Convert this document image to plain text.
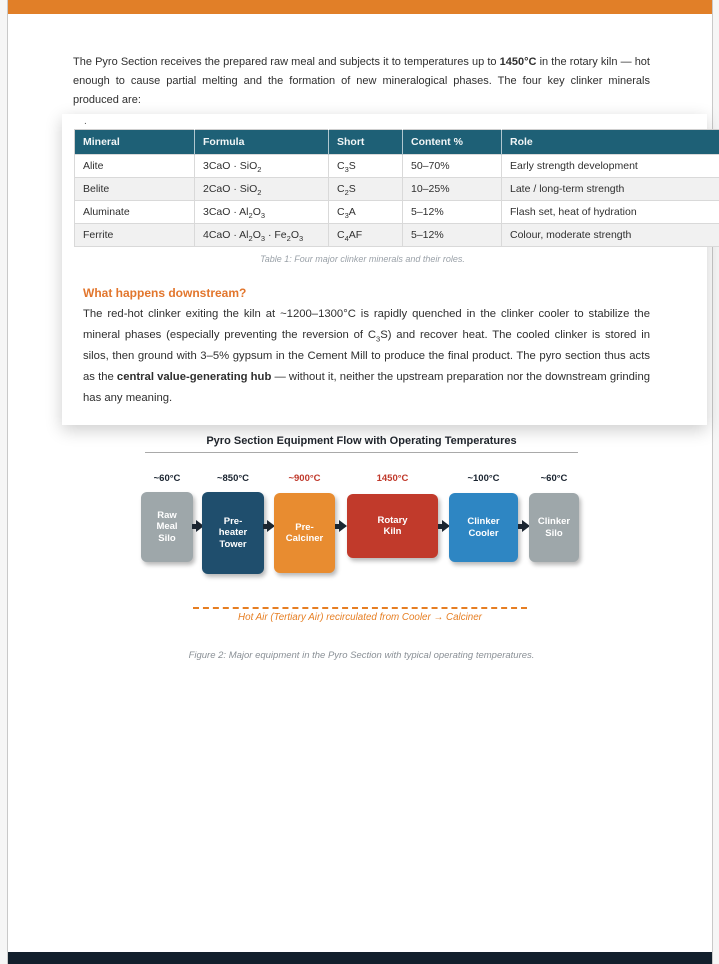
The Pyro Section receives the prepared raw meal and subjects it to temperatures up to 1450°C in the rotary kiln — hot enough to cause partial melting and the formation of new mineralogical phases. The four key clinker minerals produced are:

.
Mineral	Formula	Short	Content %	Role
Alite	3CaO · SiO$_2$	$C_3S$	50–70%	Early strength development
Belite	2CaO · SiO$_2$	$C_2S$	10–25%	Late / long-term strength
Aluminate	$3CaO \cdot Al_2O_3$	$C_3A$	5–12%	Flash set, heat of hydration
Ferrite	$4CaO \cdot Al_2O_3 \cdot Fe_2O_3$	$C_4AF$	5–12%	Colour, moderate strength
Table 1: Four major clinker minerals and their roles.
What happens downstream?

The red-hot clinker exiting the kiln at ~1200–1300°C is rapidly quenched in the clinker cooler to stabilize the mineral phases (especially preventing the reversion of $C_3S$) and recover heat. The cooled clinker is stored in silos, then ground with 3–5% gypsum in the Cement Mill to produce the final product. The pyro section thus acts as the central value-generating hub — without it, neither the upstream preparation nor the downstream grinding has any meaning.

Pyro Section Equipment Flow with Operating Temperatures
Hot Air (Tertiary Air) recirculated from Cooler → Calciner
~60°C
Raw
Meal
Silo
~850°C
Pre-
heater
Tower
~900°C
Pre-
Calciner
1450°C
Rotary
Kiln
~100°C
Clinker
Cooler
~60°C
Clinker
Silo
Figure 2: Major equipment in the Pyro Section with typical operating temperatures.
